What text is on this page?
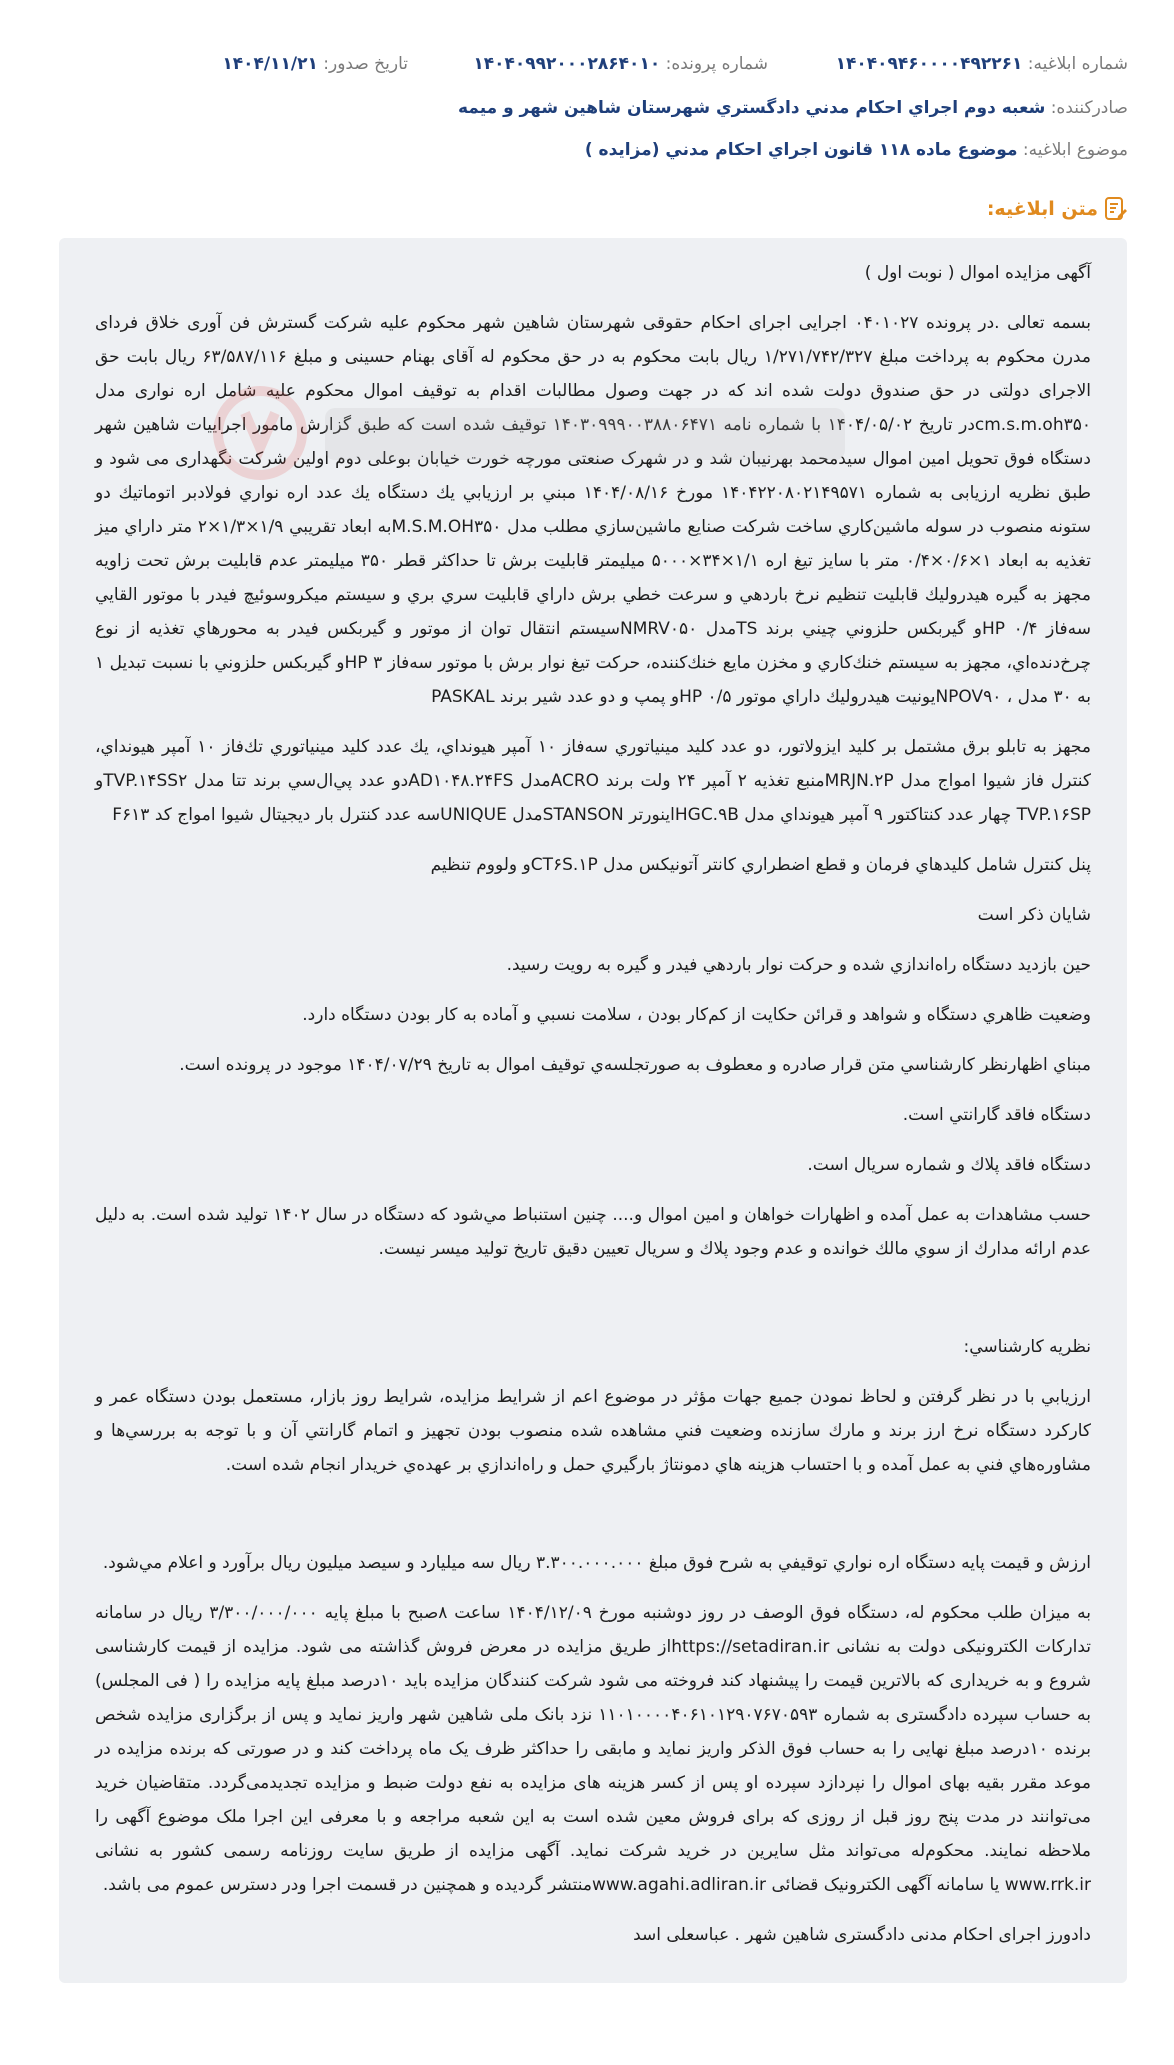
شماره ابلاغیه: ۱۴۰۴۰۹۴۶۰۰۰۰۴۹۲۲۶۱
شماره پرونده: ۱۴۰۴۰۹۹۲۰۰۰۲۸۶۴۰۱۰
تاریخ صدور: ۱۴۰۴/۱۱/۲۱
صادرکننده: شعبه دوم اجراي احكام مدني دادگستري شهرستان شاهين شهر و ميمه
موضوع ابلاغیه: موضوع ماده ۱۱۸ قانون اجراي احكام مدني (مزايده )
متن ابلاغیه:

آگهی مزایده اموال ( نوبت اول )

بسمه تعالی .در پرونده ۰۴۰۱۰۲۷ اجرایی اجرای احکام حقوقی شهرستان شاهین شهر محکوم علیه شرکت گسترش فن آوری خلاق فردای مدرن محکوم به پرداخت مبلغ ۱/۲۷۱/۷۴۲/۳۲۷ ریال بابت محکوم به در حق محکوم له آقای بهنام حسینی و مبلغ ۶۳/۵۸۷/۱۱۶ ریال بابت حق الاجرای دولتی در حق صندوق دولت شده اند که در جهت وصول مطالبات اقدام به توقیف اموال محکوم علیه شامل اره نواری مدل cm.s.m.oh۳۵۰در تاریخ ۱۴۰۴/۰۵/۰۲ با شماره نامه ۱۴۰۳۰۹۹۹۰۰۳۸۸۰۶۴۷۱ توقیف شده است که طبق گزارش مامور اجراییات شاهین شهر دستگاه فوق تحویل امین اموال سیدمحمد بهرنیبان شد و در شهرک صنعتی مورچه خورت خیابان بوعلی دوم اولین شرکت نگهداری می شود و طبق نظریه ارزیابی به شماره ۱۴۰۴۲۲۰۸۰۲۱۴۹۵۷۱ مورخ ۱۴۰۴/۰۸/۱۶ مبني بر ارزيابي يك دستگاه يك عدد اره نواري فولادبر اتوماتيك دو ستونه منصوب در سوله ماشين‌كاري ساخت شركت صنايع ماشين‌سازي مطلب مدل M.S.M.OH۳۵۰به ابعاد تقريبي ۱/۹×۱/۳×۲ متر داراي ميز تغذيه به ابعاد ۱×۰/۶×۰/۴ متر با سايز تيغ اره ۱/۱×۳۴×۵۰۰۰ ميليمتر قابليت برش تا حداكثر قطر ۳۵۰ ميليمتر عدم قابليت برش تحت زاويه مجهز به گيره هيدروليك قابليت تنظيم نرخ باردهي و سرعت خطي برش داراي قابليت سري بري و سيستم ميكروسوئيچ فيدر با موتور القايي سه‌فاز ۰/۴ HPو گيربكس حلزوني چيني برند TSمدل NMRV۰۵۰سيستم انتقال توان از موتور و گيربكس فيدر به محورهاي تغذيه از نوع چرخ‌دنده‌اي، مجهز به سيستم خنك‌كاري و مخزن مايع خنك‌كننده، حركت تيغ نوار برش با موتور سه‌فاز ۳ HPو گيربكس حلزوني با نسبت تبديل ۱ به ۳۰ مدل ، NPOV۹۰يونيت هيدروليك داراي موتور ۰/۵ HPو پمپ و دو عدد شير برند PASKAL

مجهز به تابلو برق مشتمل بر كليد ايزولاتور، دو عدد كليد مينياتوري سه‌فاز ۱۰ آمپر هيونداي، يك عدد كليد مينياتوري تك‌فاز ۱۰ آمپر هيونداي، كنترل فاز شيوا امواج مدل MRJN.۲Pمنبع تغذيه ۲ آمپر ۲۴ ولت برند ACROمدل AD۱۰۴۸.۲۴FSدو عدد پي‌ال‌سي برند تتا مدل TVP.۱۴SS۲و TVP.۱۶SP چهار عدد كنتاكتور ۹ آمپر هيونداي مدل HGC.۹Bاينورتر STANSONمدل UNIQUEسه عدد كنترل بار ديجيتال شيوا امواج كد F۶۱۳

پنل كنترل شامل كليدهاي فرمان و قطع اضطراري كانتر آتونيكس مدل CT۶S.۱Pو ولووم تنظيم

شايان ذكر است

حين بازديد دستگاه راه‌اندازي شده و حركت نوار باردهي فيدر و گيره به رويت رسيد.

وضعيت ظاهري دستگاه و شواهد و قرائن حكايت از كم‌كار بودن ، سلامت نسبي و آماده به كار بودن دستگاه دارد.

مبناي اظهارنظر كارشناسي متن قرار صادره و معطوف به صورتجلسه‌ي توقيف اموال به تاريخ ۱۴۰۴/۰۷/۲۹ موجود در پرونده است.

دستگاه فاقد گارانتي است.

دستگاه فاقد پلاك و شماره سريال است.

حسب مشاهدات به عمل آمده و اظهارات خواهان و امين اموال و.... چنين استنباط مي‌شود كه دستگاه در سال ۱۴۰۲ توليد شده است. به دليل عدم ارائه مدارك از سوي مالك خوانده و عدم وجود پلاك و سريال تعيين دقيق تاريخ توليد ميسر نيست.

نظريه كارشناسي:

ارزيابي با در نظر گرفتن و لحاظ نمودن جميع جهات مؤثر در موضوع اعم از شرايط مزايده، شرايط روز بازار، مستعمل بودن دستگاه عمر و كاركرد دستگاه نرخ ارز برند و مارك سازنده وضعيت فني مشاهده شده منصوب بودن تجهيز و اتمام گارانتي آن و با توجه به بررسي‌ها و مشاوره‌هاي فني به عمل آمده و با احتساب هزينه هاي دمونتاژ بارگيري حمل و راه‌اندازي بر عهده‌ي خريدار انجام شده است.

ارزش و قيمت پايه دستگاه اره نواري توقيفي به شرح فوق مبلغ ۳.۳۰۰.۰۰۰.۰۰۰ ريال سه ميليارد و سيصد ميليون ريال برآورد و اعلام مي‌شود.

به میزان طلب محکوم له، دستگاه فوق الوصف در روز دوشنبه مورخ ۱۴۰۴/۱۲/۰۹ ساعت ۸صبح با مبلغ پایه ۳/۳۰۰/۰۰۰/۰۰۰ ریال در سامانه تدارکات الکترونیکی دولت به نشانی https://setadiran.irاز طریق مزایده در معرض فروش گذاشته می شود. مزایده از قیمت کارشناسی شروع و به خریداری که بالاترین قیمت را پیشنهاد کند فروخته می شود شرکت کنندگان مزایده باید ۱۰درصد مبلغ پایه مزایده را ( فی المجلس) به حساب سپرده دادگستری به شماره ۱۱۰۱۰۰۰۰۴۰۶۱۰۱۲۹۰۷۶۷۰۵۹۳ نزد بانک ملی شاهین شهر واریز نماید و پس از برگزاری مزایده شخص برنده ۱۰درصد مبلغ نهایی را به حساب فوق الذکر واریز نماید و مابقی را حداکثر ظرف یک ماه پرداخت کند و در صورتی که برنده مزایده در موعد مقرر بقیه بهای اموال را نپردازد سپرده او پس از کسر هزینه های مزایده به نفع دولت ضبط و مزایده تجدیدمی‌گردد. متقاضیان خرید می‌توانند در مدت پنج روز قبل از روزی که برای فروش معین شده است به این شعبه مراجعه و با معرفی این اجرا ملک موضوع آگهی را ملاحظه نمایند. محکوم‌له می‌تواند مثل سایرین در خرید شرکت نماید. آگهی مزایده از طریق سایت روزنامه رسمی کشور به نشانی www.rrk.ir یا سامانه آگهی الکترونیک قضائی www.agahi.adliran.irمنتشر گردیده و همچنین در قسمت اجرا ودر دسترس عموم می باشد.

دادورز اجرای احکام مدنی دادگستری شاهین شهر . عباسعلی اسد
